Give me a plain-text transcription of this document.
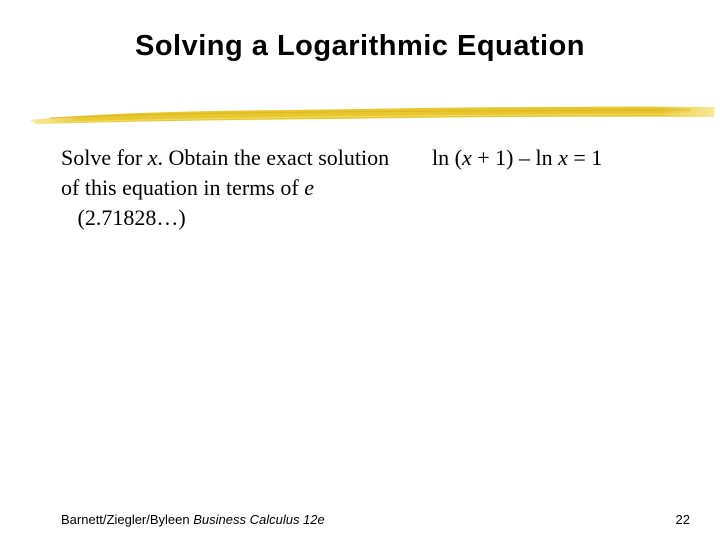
Solving a Logarithmic Equation
Solve for x. Obtain the exact solution of this equation in terms of e   (2.71828…)
ln (x + 1) – ln x = 1
Barnett/Ziegler/Byleen Business Calculus 12e	22
